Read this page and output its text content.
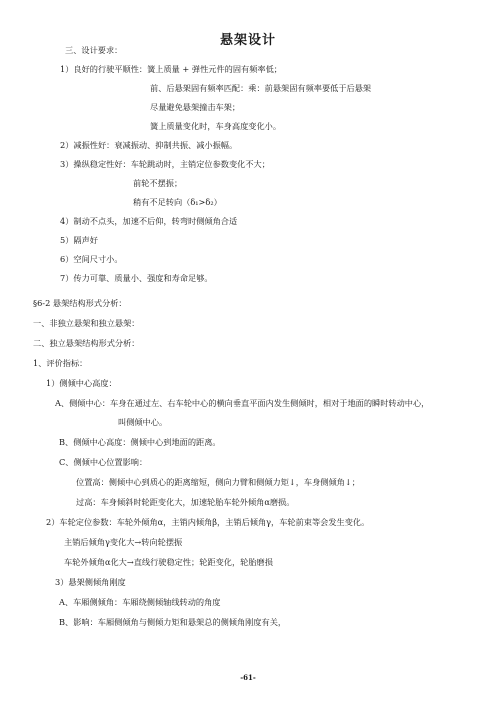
悬架设计
三、设计要求：
1）良好的行驶平顺性：簧上质量 + 弹性元件的固有频率低；
前、后悬架固有频率匹配：乘：前悬架固有频率要低于后悬架
尽量避免悬架撞击车架；
簧上质量变化时，车身高度变化小。
2）减振性好：衰减振动、抑制共振、减小振幅。
3）操纵稳定性好：车轮跳动时，主销定位参数变化不大；
前轮不摆振；
稍有不足转向（δ₁>δ₂）
4）制动不点头，加速不后仰，转弯时侧倾角合适
5）隔声好
6）空间尺寸小。
7）传力可靠、质量小、强度和寿命足够。
§6-2 悬架结构形式分析：
一、非独立悬架和独立悬架：
二、独立悬架结构形式分析：
1、评价指标：
1）侧倾中心高度：
A、侧倾中心：车身在通过左、右车轮中心的横向垂直平面内发生侧倾时，相对于地面的瞬时转动中心，
叫侧倾中心。
B、侧倾中心高度：侧倾中心到地面的距离。
C、侧倾中心位置影响：
位置高：侧倾中心到质心的距离缩短，侧向力臂和侧倾力矩↓，车身侧倾角↓；
过高：车身倾斜时轮距变化大，加速轮胎车轮外倾角α磨损。
2）车轮定位参数：车轮外倾角α，主销内倾角β，主销后倾角γ，车轮前束等会发生变化。
主销后倾角γ变化大→转向轮摆振
车轮外倾角α化大→直线行驶稳定性；轮距变化，轮胎磨损
3）悬架侧倾角刚度
A、车厢侧倾角：车厢绕侧倾轴线转动的角度
B、影响：车厢侧倾角与侧倾力矩和悬架总的侧倾角刚度有关，
-61-
